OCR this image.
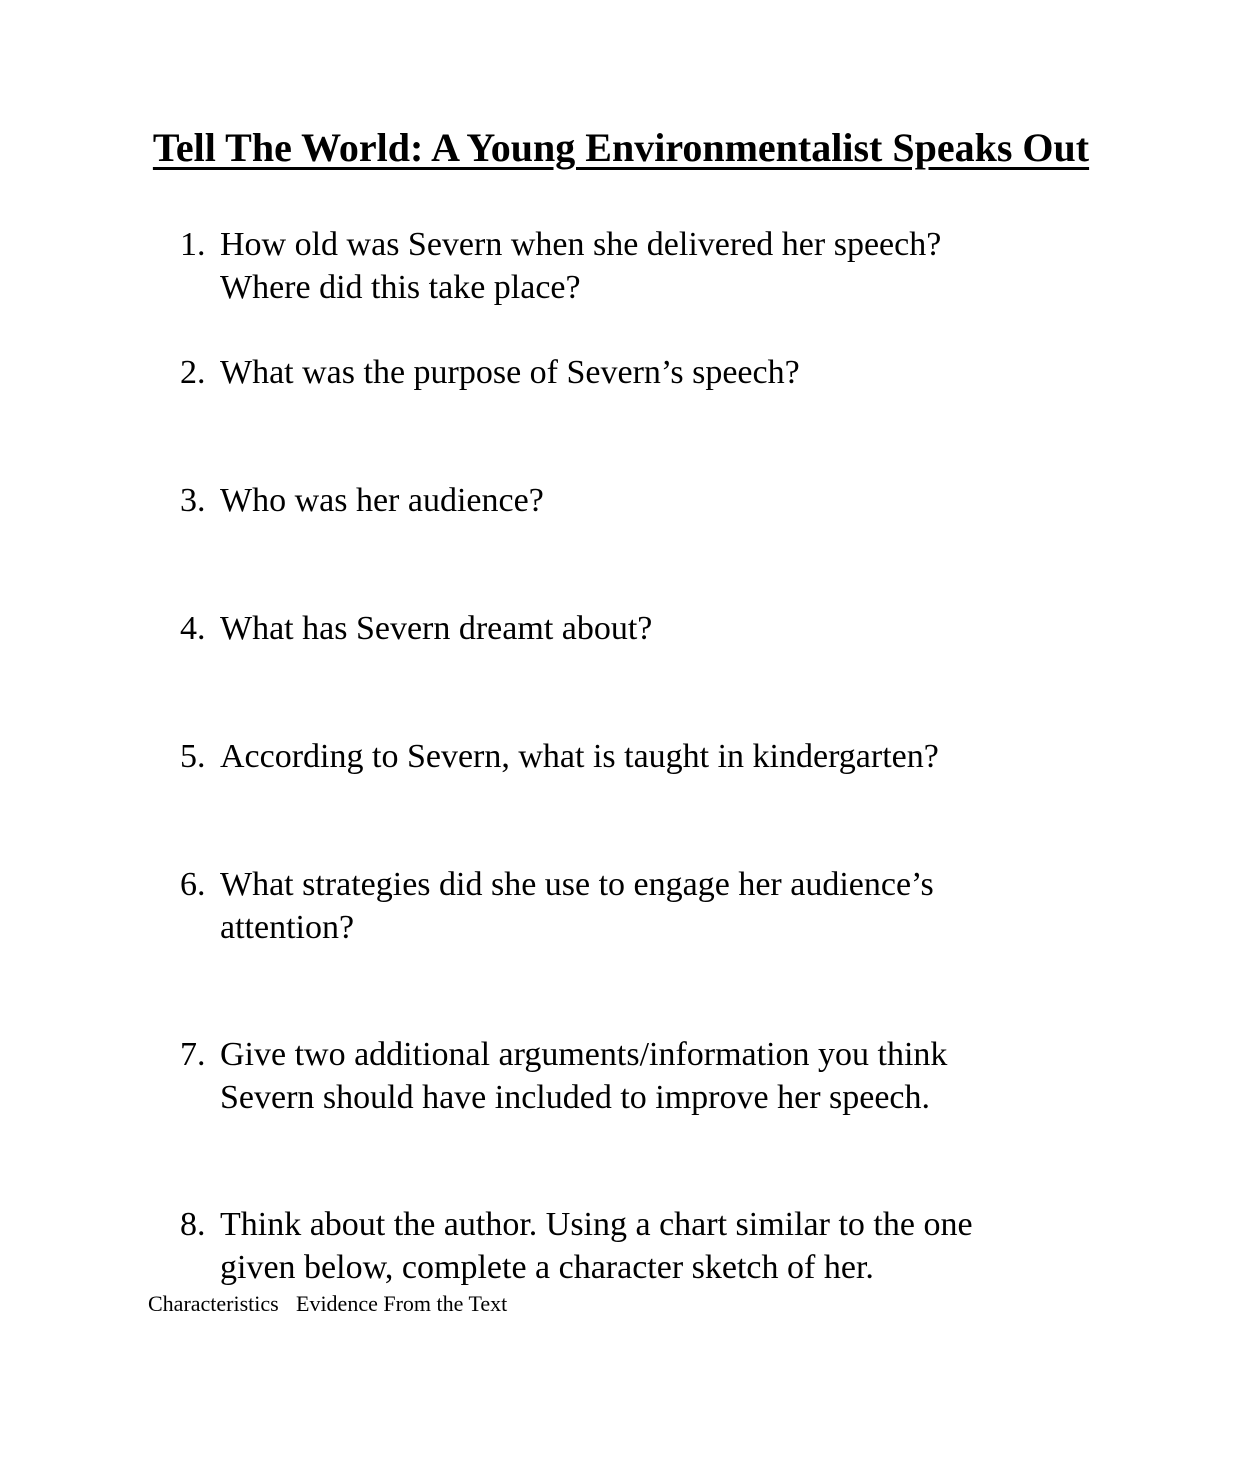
Tell The World: A Young Environmentalist Speaks Out
1. How old was Severn when she delivered her speech? Where did this take place?
2. What was the purpose of Severn’s speech?
3. Who was her audience?
4. What has Severn dreamt about?
5. According to Severn, what is taught in kindergarten?
6. What strategies did she use to engage her audience’s attention?
7. Give two additional arguments/information you think Severn should have included to improve her speech.
8. Think about the author. Using a chart similar to the one given below, complete a character sketch of her.
Characteristics Evidence From the Text
